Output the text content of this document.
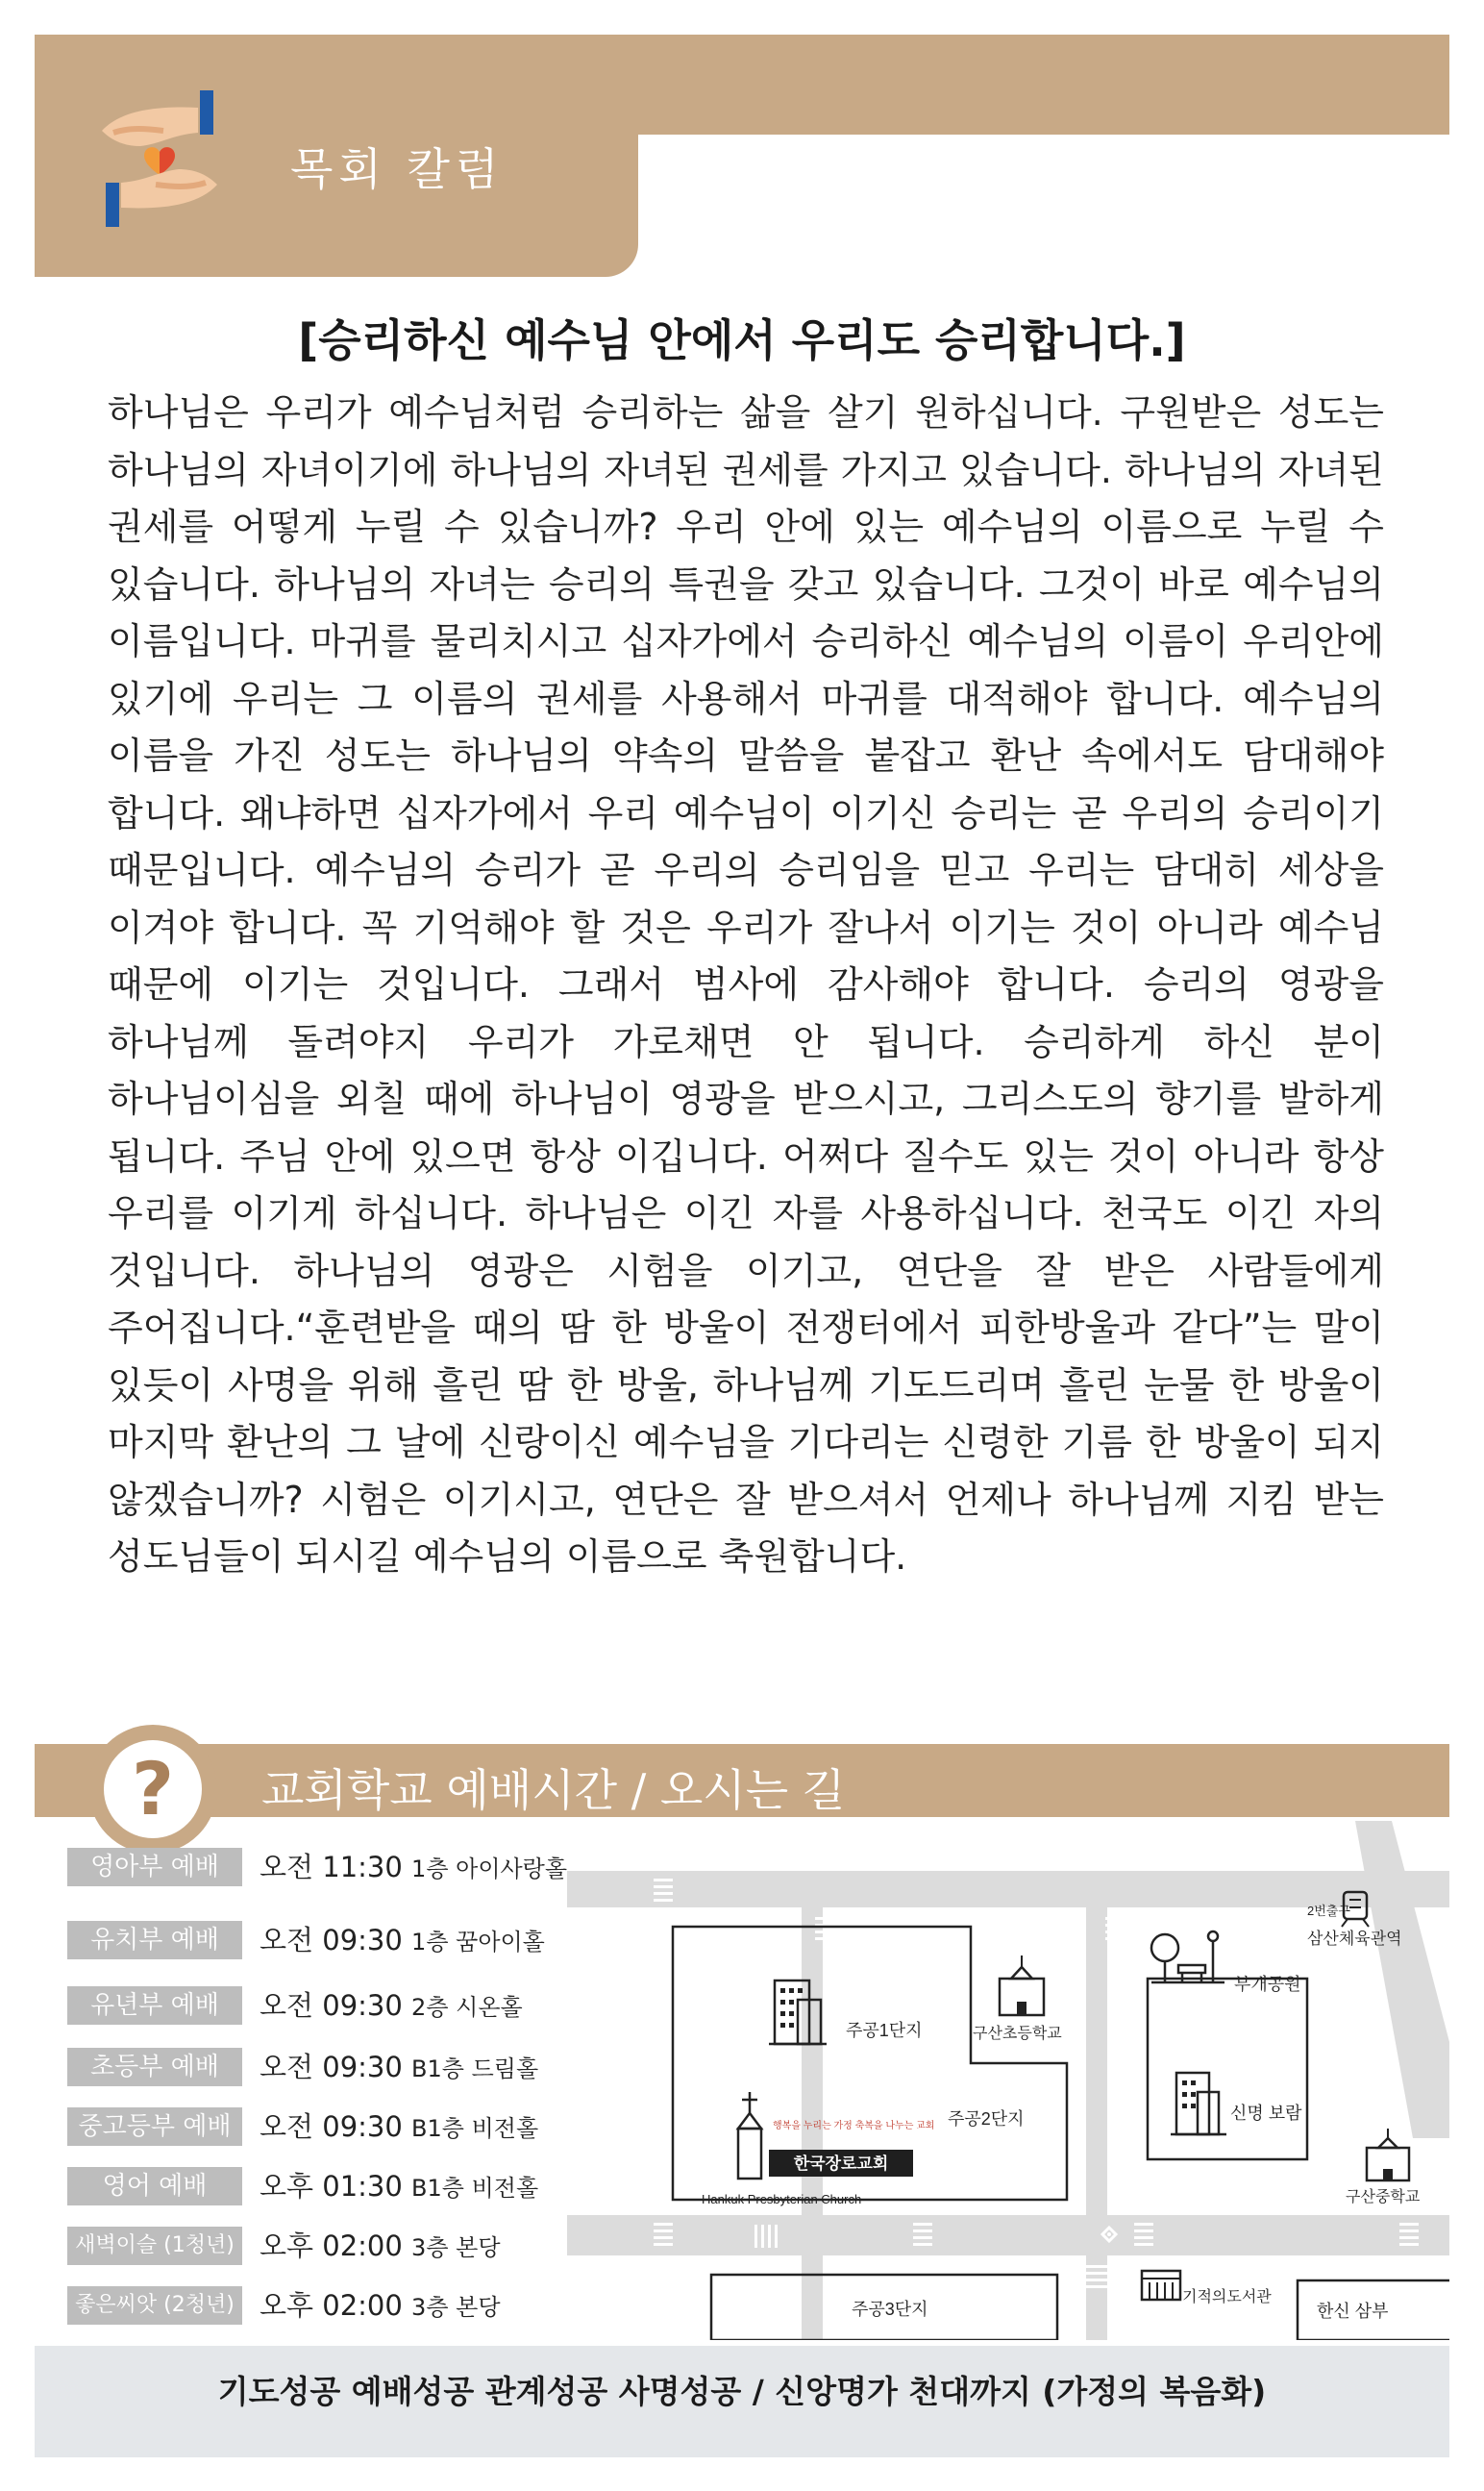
목회 칼럼
[승리하신 예수님 안에서 우리도 승리합니다.]
하나님은 우리가 예수님처럼 승리하는 삶을 살기 원하십니다. 구원받은 성도는 하나님의 자녀이기에 하나님의 자녀된 권세를 가지고 있습니다. 하나님의 자녀된 권세를 어떻게 누릴 수 있습니까? 우리 안에 있는 예수님의 이름으로 누릴 수 있습니다. 하나님의 자녀는 승리의 특권을 갖고 있습니다. 그것이 바로 예수님의 이름입니다. 마귀를 물리치시고 십자가에서 승리하신 예수님의 이름이 우리안에 있기에 우리는 그 이름의 권세를 사용해서 마귀를 대적해야 합니다. 예수님의 이름을 가진 성도는 하나님의 약속의 말씀을 붙잡고 환난 속에서도 담대해야 합니다. 왜냐하면 십자가에서 우리 예수님이 이기신 승리는 곧 우리의 승리이기 때문입니다. 예수님의 승리가 곧 우리의 승리임을 믿고 우리는 담대히 세상을 이겨야 합니다. 꼭 기억해야 할 것은 우리가 잘나서 이기는 것이 아니라 예수님 때문에 이기는 것입니다. 그래서 범사에 감사해야 합니다. 승리의 영광을 하나님께 돌려야지 우리가 가로채면 안 됩니다. 승리하게 하신 분이 하나님이심을 외칠 때에 하나님이 영광을 받으시고, 그리스도의 향기를 발하게 됩니다. 주님 안에 있으면 항상 이깁니다. 어쩌다 질수도 있는 것이 아니라 항상 우리를 이기게 하십니다. 하나님은 이긴 자를 사용하십니다. 천국도 이긴 자의 것입니다. 하나님의 영광은 시험을 이기고, 연단을 잘 받은 사람들에게 주어집니다.“훈련받을 때의 땀 한 방울이 전쟁터에서 피한방울과 같다”는 말이 있듯이 사명을 위해 흘린 땀 한 방울, 하나님께 기도드리며 흘린 눈물 한 방울이 마지막 환난의 그 날에 신랑이신 예수님을 기다리는 신령한 기름 한 방울이 되지 않겠습니까? 시험은 이기시고, 연단은 잘 받으셔서 언제나 하나님께 지킴 받는 성도님들이 되시길 예수님의 이름으로 축원합니다.
?	교회학교 예배시간 / 오시는 길
영아부 예배	오전 11:30 1층 아이사랑홀
유치부 예배	오전 09:30 1층 꿈아이홀
유년부 예배	오전 09:30 2층 시온홀
초등부 예배	오전 09:30 B1층 드림홀
중고등부 예배	오전 09:30 B1층 비전홀
영어 예배	오후 01:30 B1층 비전홀
새벽이슬 (1청년) 오후 02:00 3층 본당
좋은씨앗 (2청년) 오후 02:00 3층 본당
2번출구
삼산체육관역
부개공원
주공1단지	구산초등학교
주공2단지	신명 보람
행복을 누리는 가정 축복을 나누는 교회
한국장로교회
Hankuk Presbyterian Church	구산중학교
주공3단지
기적의도서관
한신 삼부
기도성공 예배성공 관계성공 사명성공 / 신앙명가 천대까지 (가정의 복음화)
